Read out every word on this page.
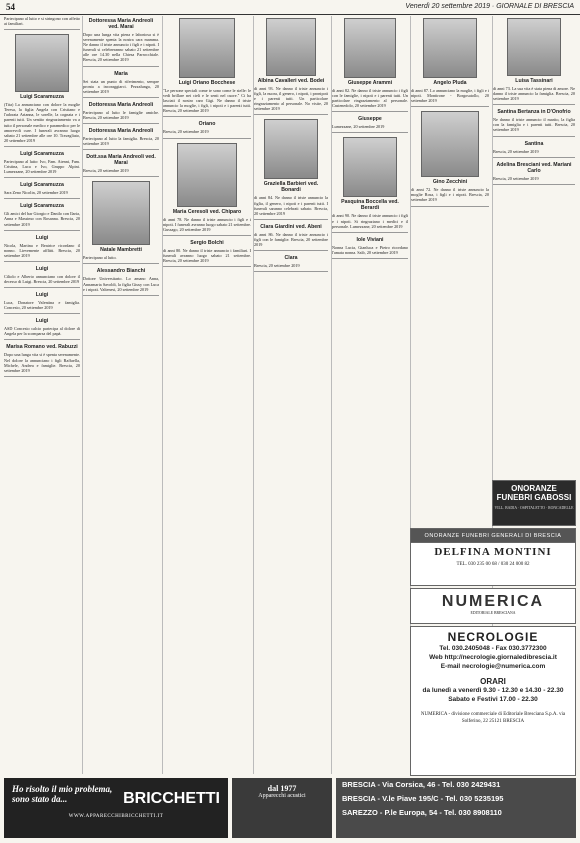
54	Venerdì 20 settembre 2019 · GIORNALE DI BRESCIA
Partecipano al lutto e si stringono con affetto ai familiari.
Luigi Scaramuzza
(Tita) La annunciano con dolore la moglie Teresa, la figlia Angela con Cristiano e l'adorata Arianna, le sorelle, la cognata e i parenti tutti. Un sentito ringraziamento va a tutto il personale medico e paramedico per le amorevoli cure. I funerali avranno luogo sabato 21 settembre alle ore 10. Travagliato, 20 settembre 2019
Luigi Scaramuzza
Partecipano al lutto: Ivo, Fam. Atenni, Fam. Cristina, Luca e Ivo, Gruppo Alpini. Lumezzane, 20 settembre 2019
Luigi Scaramuzza
Sara Zeno Nicolin, 20 settembre 2019
Luigi Scaramuzza
Gli amici del bar Giorgio e Danilo con Ilaria, Anna e Massimo con Rosanna. Brescia, 20 settembre 2019
Luigi
Nicola, Martina e Beatrice ricordano il nonno. Lievemente afflitti. Brescia, 20 settembre 2019
Luigi
Ciliolo e Alberto annunciano con dolore il decesso di Luigi. Brescia, 20 settembre 2019
Luigi
Luca, Donatore Valentina e famiglia. Concesio, 20 settembre 2019
Luigi
ASD Concesio calcio partecipa al dolore di Angela per la scomparsa del papà.
Marisa Romano ved. Rabuzzi
Dopo una lunga vita si è spenta serenamente. Nel dolore la annunciano i figli Raffaella, Michele, Andrea e famiglie. Brescia, 20 settembre 2019
Dottoressa Maria Andreoli ved. Marai
Dopo una lunga vita piena e laboriosa si è serenamente spenta la nostra cara mamma. Ne danno il triste annuncio i figli e i nipoti. I funerali si celebreranno sabato 21 settembre alle ore 14.30 nella Chiesa Parrocchiale. Brescia, 20 settembre 2019
Maria
Sei stata un punto di riferimento, sempre pronta a incoraggiarci. Pezzalunga, 20 settembre 2019
Dottoressa Maria Andreoli
Partecipano al lutto le famiglie amiche. Brescia, 20 settembre 2019
Dottoressa Maria Andreoli
Partecipano al lutto la famiglia. Brescia, 20 settembre 2019
Dott.ssa Maria Andreoli ved. Marai
Brescia, 20 settembre 2019
Natale Mambretti
Partecipano al lutto.
Alessandro Bianchi
Dottore Universitario. Lo amano Anna, Annamaria Savoldi, la figlia Giusy con Luca e i nipoti. Valtenesi, 20 settembre 2019
Luigi Oriano Bocchese
"Le persone speciali come te sono come le stelle: le vedi brillare nei cieli e le senti nel cuore." Ci ha lasciati il nostro caro Gigi. Ne danno il triste annuncio la moglie, i figli, i nipoti e i parenti tutti. Brescia, 20 settembre 2019
Oriano
Brescia, 20 settembre 2019
Maria Ceresoli ved. Chiparo
di anni 78. Ne danno il triste annuncio i figli e i nipoti. I funerali avranno luogo sabato 21 settembre. Gussago, 20 settembre 2019
Sergio Bolchi
di anni 80. Ne danno il triste annuncio i familiari. I funerali avranno luogo sabato 21 settembre. Brescia, 20 settembre 2019
Albina Cavalleri ved. Bodei
di anni 93. Ne danno il triste annuncio i figli, la nuora, il genero, i nipoti, i pronipoti e i parenti tutti. Un particolare ringraziamento al personale. No visite, 20 settembre 2019
Graziella Barbieri ved. Bonardi
di anni 84. Ne danno il triste annuncio la figlia, il genero, i nipoti e i parenti tutti. I funerali saranno celebrati sabato. Brescia, 20 settembre 2019
Clara Giardini ved. Abeni
di anni 86. Ne danno il triste annuncio i figli con le famiglie. Brescia, 20 settembre 2019
Clara
Brescia, 20 settembre 2019
Giuseppe Arammi
di anni 82. Ne danno il triste annuncio i figli con le famiglie, i nipoti e i parenti tutti. Un particolare ringraziamento al personale. Castenedolo, 20 settembre 2019
Giuseppe
Lumezzane, 20 settembre 2019
Pasquina Boccella ved. Berardi
di anni 90. Ne danno il triste annuncio i figli e i nipoti. Si ringraziano i medici e il personale. Lumezzane, 20 settembre 2019
Iole Viviani
Nonna Lucia, Gianluca e Pietro ricordano l'amata nonna. Salò, 20 settembre 2019
Angelo Pluda
di anni 87. Lo annunciano la moglie, i figli e i nipoti. Montirone - Borgosatollo, 20 settembre 2019
Gino Zecchini
di anni 72. Ne danno il triste annuncio la moglie Rosa, i figli e i nipoti. Brescia, 20 settembre 2019
Luisa Tassinari
di anni 73. La sua vita è stata piena di amore. Ne danno il triste annuncio la famiglia. Brescia, 20 settembre 2019
Santina Bertanza in D'Onofrio
Ne danno il triste annuncio il marito, la figlia con la famiglia e i parenti tutti. Brescia, 20 settembre 2019
Santina
Brescia, 20 settembre 2019
Adelina Bresciani ved. Mariani Carlo
Brescia, 20 settembre 2019
ONORANZE FUNEBRI GABOSSI
VILL. BADIA · OSPITALETTO · RONCADELLE
ONORANZE FUNEBRI GENERALI DI BRESCIA
DELFINA MONTINI
TEL. 030 235 00 68 / 030 24 000 82
NUMERICA
EDITORIALE BRESCIANA
NECROLOGIE
Tel. 030.2405048 - Fax 030.3772300
Web http://necrologie.giornaledibrescia.it
E-mail necrologie@numerica.com
ORARI
da lunedì a venerdì 9.30 - 12.30 e 14.30 - 22.30
Sabato e Festivi 17.00 - 22.30
NUMERICA - divisione commerciale di Editoriale Bresciana S.p.A. via Solferino, 22 25121 BRESCIA
Ho risolto il mio problema,
sono stato da...	BRICCHETTI
WWW.APPARECCHIBRICCHETTI.IT
dal 1977
Apparecchi acustici
BRESCIA - Via Corsica, 46 - Tel. 030 2429431
BRESCIA - V.le Piave 195/C - Tel. 030 5235195
SAREZZO - P.le Europa, 54 - Tel. 030 8908110
